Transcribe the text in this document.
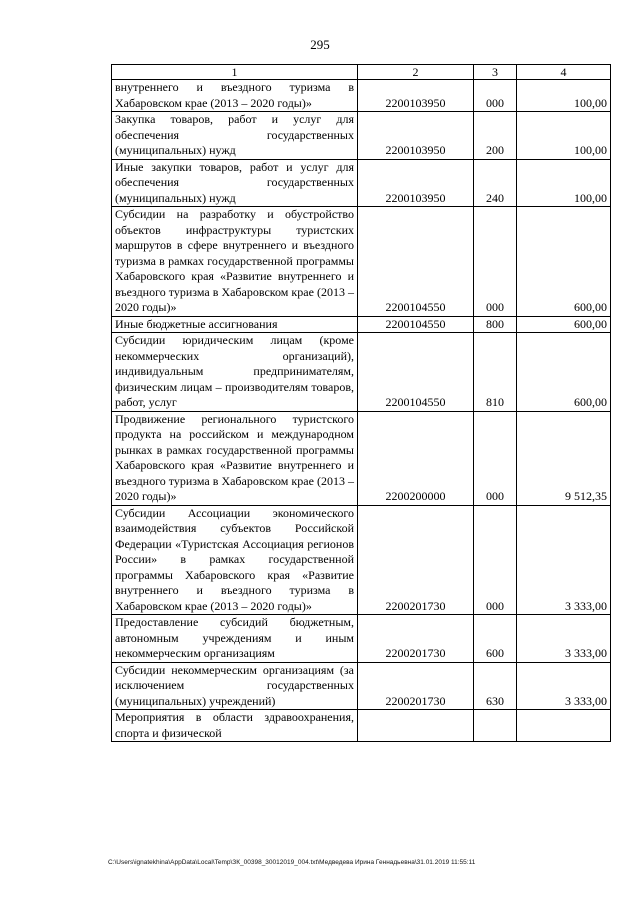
295
1	2	3	4
внутреннего и въездного туризма в Хабаровском крае (2013 – 2020 годы)»	2200103950	000	100,00
Закупка товаров, работ и услуг для обеспечения государственных (муниципальных) нужд	2200103950	200	100,00
Иные закупки товаров, работ и услуг для обеспечения государственных (муниципальных) нужд	2200103950	240	100,00
Субсидии на разработку и обустройство объектов инфраструктуры туристских маршрутов в сфере внутреннего и въездного туризма в рамках государственной программы Хабаровского края «Развитие внутреннего и въездного туризма в Хабаровском крае (2013 – 2020 годы)»	2200104550	000	600,00
Иные бюджетные ассигнования	2200104550	800	600,00
Субсидии юридическим лицам (кроме некоммерческих организаций), индивидуальным предпринимателям, физическим лицам – производителям товаров, работ, услуг	2200104550	810	600,00
Продвижение регионального туристского продукта на российском и международном рынках в рамках государственной программы Хабаровского края «Развитие внутреннего и въездного туризма в Хабаровском крае (2013 – 2020 годы)»	2200200000	000	9 512,35
Субсидии Ассоциации экономического взаимодействия субъектов Российской Федерации «Туристская Ассоциация регионов России» в рамках государственной программы Хабаровского края «Развитие внутреннего и въездного туризма в Хабаровском крае (2013 – 2020 годы)»	2200201730	000	3 333,00
Предоставление субсидий бюджетным, автономным учреждениям и иным некоммерческим организациям	2200201730	600	3 333,00
Субсидии некоммерческим организациям (за исключением государственных (муниципальных) учреждений)	2200201730	630	3 333,00
Мероприятия в области здравоохранения, спорта и физической			
C:\Users\ignatekhina\AppData\Local\Temp\ЗК_00398_30012019_004.txt\Медведева Ирина Геннадьевна\31.01.2019 11:55:11
